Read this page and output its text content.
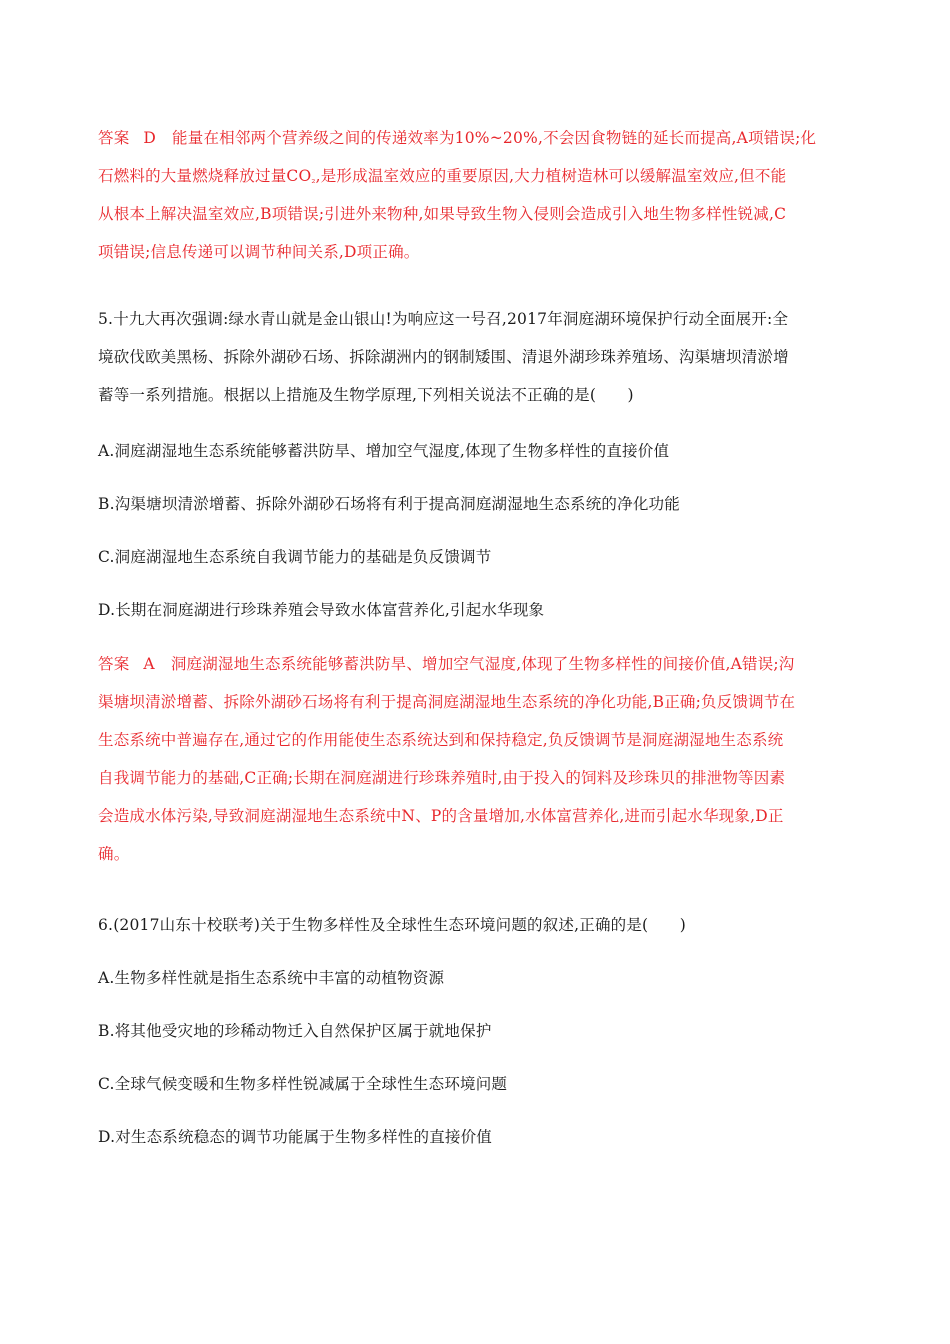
答案 D 能量在相邻两个营养级之间的传递效率为10%~20%,不会因食物链的延长而提高,A项错误;化
石燃料的大量燃烧释放过量$CO_{_2}$,是形成温室效应的重要原因,大力植树造林可以缓解温室效应,但不能
从根本上解决温室效应,B项错误;引进外来物种,如果导致生物入侵则会造成引入地生物多样性锐减,C
项错误;信息传递可以调节种间关系,D项正确。
5.十九大再次强调:绿水青山就是金山银山!为响应这一号召,2017年洞庭湖环境保护行动全面展开:全
境砍伐欧美黑杨、拆除外湖砂石场、拆除湖洲内的钢制矮围、清退外湖珍珠养殖场、沟渠塘坝清淤增
蓄等一系列措施。根据以上措施及生物学原理,下列相关说法不正确的是(　　)
A.洞庭湖湿地生态系统能够蓄洪防旱、增加空气湿度,体现了生物多样性的直接价值
B.沟渠塘坝清淤增蓄、拆除外湖砂石场将有利于提高洞庭湖湿地生态系统的净化功能
C.洞庭湖湿地生态系统自我调节能力的基础是负反馈调节
D.长期在洞庭湖进行珍珠养殖会导致水体富营养化,引起水华现象
答案 A 洞庭湖湿地生态系统能够蓄洪防旱、增加空气湿度,体现了生物多样性的间接价值,A错误;沟
渠塘坝清淤增蓄、拆除外湖砂石场将有利于提高洞庭湖湿地生态系统的净化功能,B正确;负反馈调节在
生态系统中普遍存在,通过它的作用能使生态系统达到和保持稳定,负反馈调节是洞庭湖湿地生态系统
自我调节能力的基础,C正确;长期在洞庭湖进行珍珠养殖时,由于投入的饲料及珍珠贝的排泄物等因素
会造成水体污染,导致洞庭湖湿地生态系统中N、P的含量增加,水体富营养化,进而引起水华现象,D正
确。
6.(2017山东十校联考)关于生物多样性及全球性生态环境问题的叙述,正确的是(　　)
A.生物多样性就是指生态系统中丰富的动植物资源
B.将其他受灾地的珍稀动物迁入自然保护区属于就地保护
C.全球气候变暖和生物多样性锐减属于全球性生态环境问题
D.对生态系统稳态的调节功能属于生物多样性的直接价值
